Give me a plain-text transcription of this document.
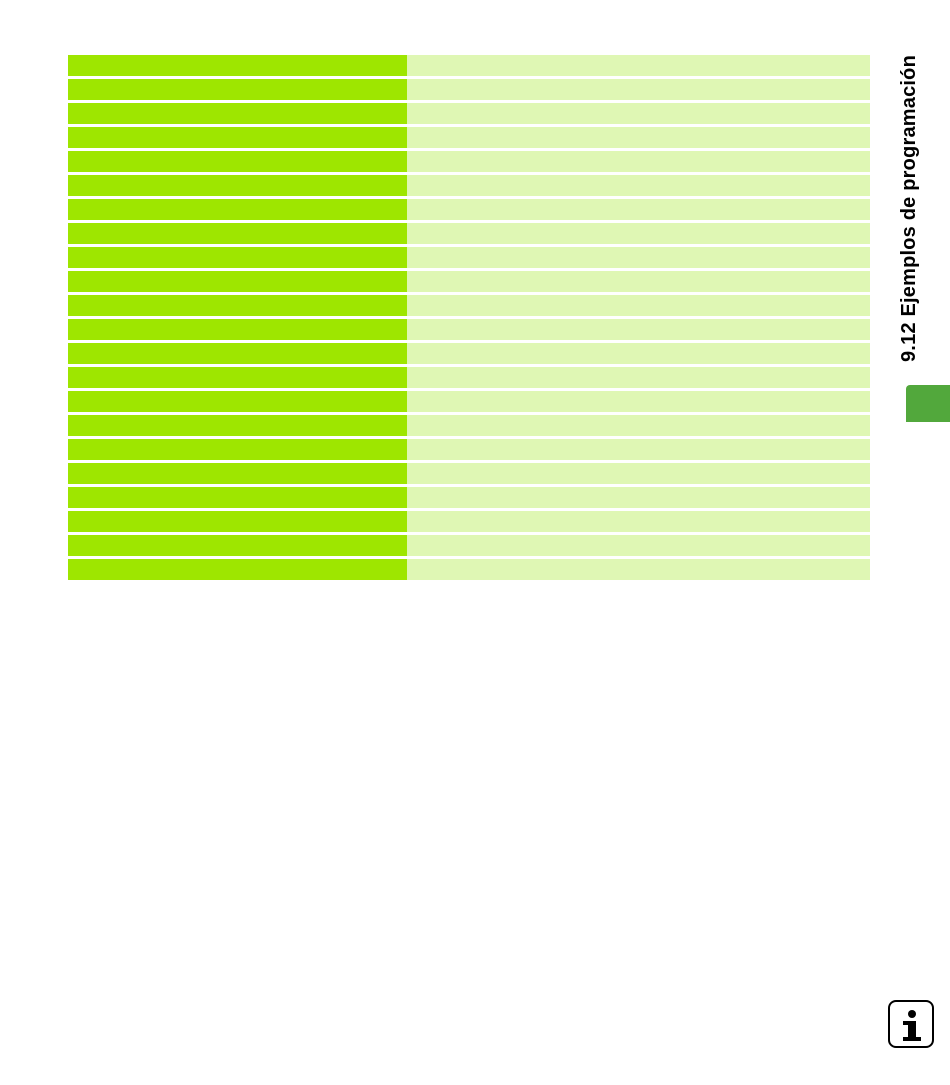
9.12 Ejemplos de programación
